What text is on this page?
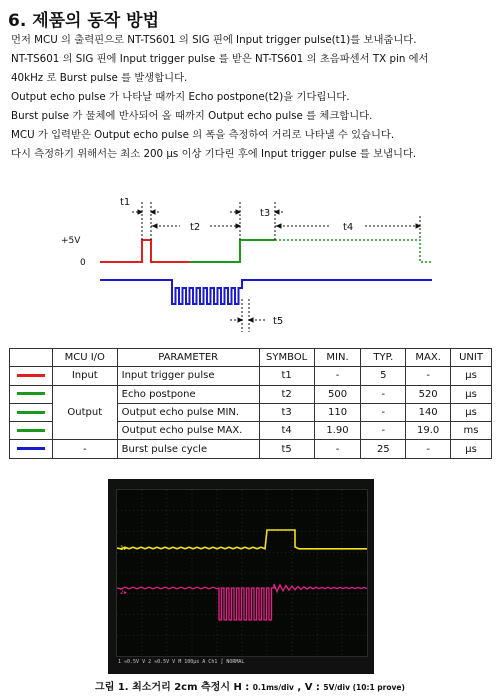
6. 제품의 동작 방법
먼저 MCU 의 출력핀으로 NT-TS601 의 SIG 핀에 Input trigger pulse(t1)를 보내줍니다.
NT-TS601 의 SIG 핀에 Input trigger pulse 를 받은 NT-TS601 의 초음파센서 TX pin 에서
40kHz 로 Burst pulse 를 발생합니다.
Output echo pulse 가 나타날 때까지 Echo postpone(t2)을 기다립니다.
Burst pulse 가 물체에 반사되어 올 때까지 Output echo pulse 를 체크합니다.
MCU 가 입력받은 Output echo pulse 의 폭을 측정하여 거리로 나타낼 수 있습니다.
다시 측정하기 위해서는 최소 200 μs 이상 기다린 후에 Input trigger pulse 를 보냅니다.
+5V
0
t1
t2
t3
t4
t5
	MCU I/O	PARAMETER	SYMBOL	MIN.	TYP.	MAX.	UNIT
	Input	Input trigger pulse	t1	-	5	-	μs
	Output	Echo postpone	t2	500	-	520	μs
		Output echo pulse MIN.	t3	110	-	140	μs
		Output echo pulse MAX.	t4	1.90	-	19.0	ms
	-	Burst pulse cycle	t5	-	25	-	μs
1▸
2▸
1 ≈0.5V V 2 ≈0.5V V M 100μs A Ch1 ∫ NORMAL
그림 1. 최소거리 2cm 측정시 H : 0.1ms/div , V : 5V/div (10:1 prove)
